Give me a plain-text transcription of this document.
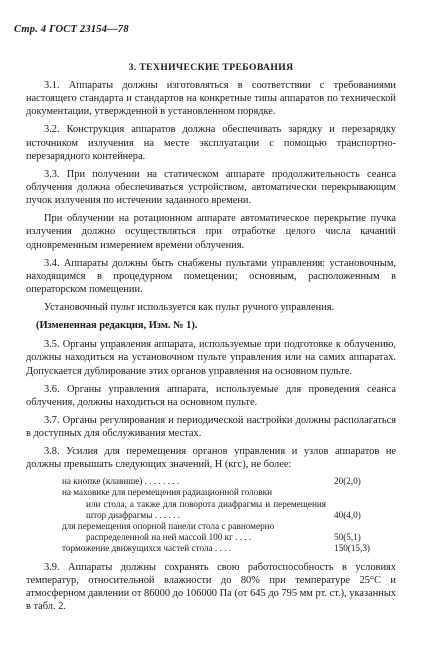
Стр. 4 ГОСТ 23154—78
3. ТЕХНИЧЕСКИЕ ТРЕБОВАНИЯ

3.1. Аппараты должны изготовляться в соответствии с требованиями настоящего стандарта и стандартов на конкретные типы аппаратов по технической документации, утвержденной в установленном порядке.

3.2. Конструкция аппаратов должна обеспечивать зарядку и перезарядку источником излучения на месте эксплуатации с помощью транспортно-перезарядного контейнера.

3.3. При получении на статическом аппарате продолжительность сеанса облучения должна обеспечиваться устройством, автоматически перекрывающим пучок излучения по истечении заданного времени.

При облучении на ротационном аппарате автоматическое перекрытие пучка излучения должно осуществляться при отработке целого числа качаний одновременным измерением времени облучения.

3.4. Аппараты должны быть снабжены пультами управления: установочным, находящимся в процедурном помещении; основным, расположенным в операторском помещении.

Установочный пульт используется как пульт ручного управления.

(Измененная редакция, Изм. № 1).

3.5. Органы управления аппарата, используемые при подготовке к облучению, должны находиться на установочном пульте управления или на самих аппаратах. Допускается дублирование этих органов управления на основном пульте.

3.6. Органы управления аппарата, используемые для проведения сеанса облучения, должны находиться на основном пульте.

3.7. Органы регулирования и периодической настройки должны располагаться в доступных для обслуживания местах.

3.8. Усилия для перемещения органов управления и узлов аппаратов не должны превышать следующих значений, Н (кгс), не более:

на кнопке (клавише) . . . . . . . .	20(2,0)
на маховике для перемещения радиационной головки
или стола, а также для поворота диафрагмы и перемещения штор диафрагмы . . . . . .	40(4,0)
для перемещения опорной панели стола с равномерно
распределенной на ней массой 100 кг . . . .	50(5,1)
торможение движущихся частей стола . . . .	150(15,3)

3.9. Аппараты должны сохранять свою работоспособность в условиях температур, относительной влажности до 80% при температуре 25°С и атмосферном давлении от 86000 до 106000 Па (от 645 до 795 мм рт. ст.), указанных в табл. 2.
